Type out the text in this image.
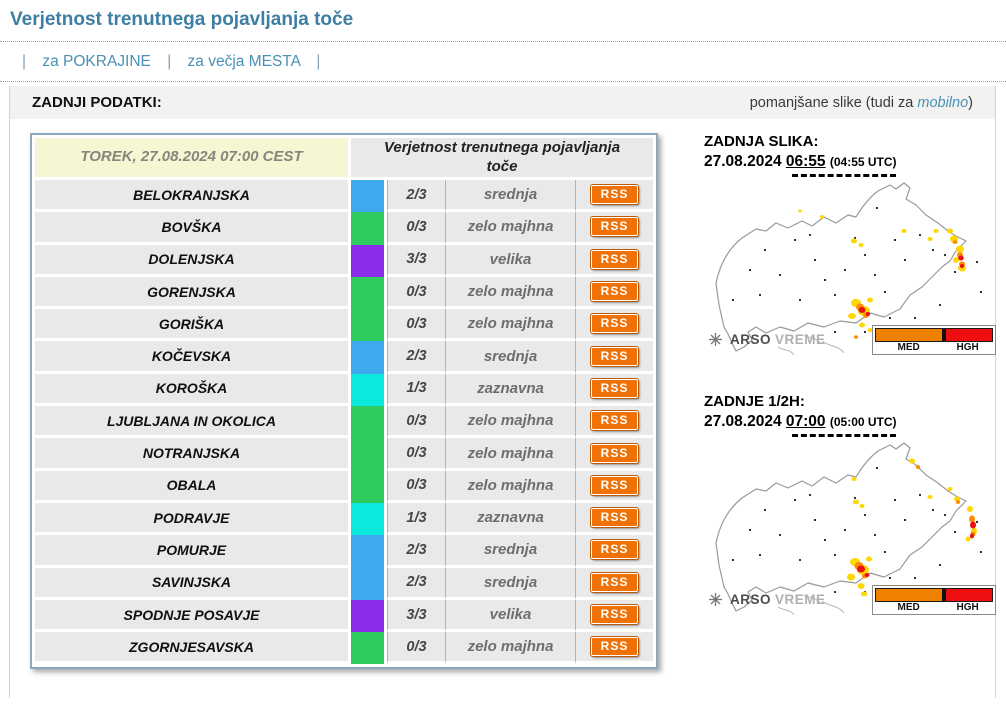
Verjetnost trenutnega pojavljanja toče
| za POKRAJINE | za večja MESTA |
ZADNJI PODATKI:	pomanjšane slike (tudi za mobilno)
TOREK, 27.08.2024 07:00 CEST
Verjetnost trenutnega pojavljanja toče
BELOKRANJSKA	2/3	srednja	RSS
BOVŠKA	0/3	zelo majhna	RSS
DOLENJSKA	3/3	velika	RSS
GORENJSKA	0/3	zelo majhna	RSS
GORIŠKA	0/3	zelo majhna	RSS
KOČEVSKA	2/3	srednja	RSS
KOROŠKA	1/3	zaznavna	RSS
LJUBLJANA IN OKOLICA	0/3	zelo majhna	RSS
NOTRANJSKA	0/3	zelo majhna	RSS
OBALA	0/3	zelo majhna	RSS
PODRAVJE	1/3	zaznavna	RSS
POMURJE	2/3	srednja	RSS
SAVINJSKA	2/3	srednja	RSS
SPODNJE POSAVJE	3/3	velika	RSS
ZGORNJESAVSKA	0/3	zelo majhna	RSS
ZADNJA SLIKA:
27.08.2024 06:55 (04:55 UTC)
ARSO VREME
MED	HGH
ZADNJE 1/2H:
27.08.2024 07:00 (05:00 UTC)
ARSO VREME
MED	HGH
